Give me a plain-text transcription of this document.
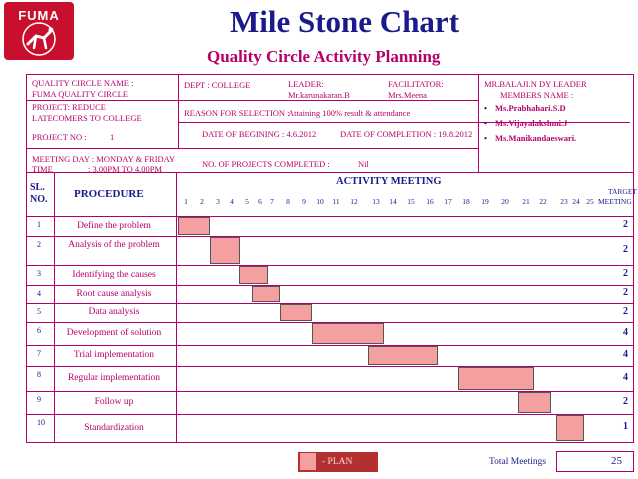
FUMA	Mile Stone Chart
Quality Circle Activity Planning
QUALITY CIRCLE NAME :
FUMA QUALITY CIRCLE
DEPT : COLLEGE	LEADER:
Mr.karunakaran.B
FACILITATOR:
Mrs.Meena
MR.BALAJI.N DY LEADER
MEMBERS NAME :
• Ms.Prabhahari.S.D
• Ms.Vijayalakshmi.J
• Ms.Manikandaeswari.
PROJECT: REDUCE
LATECOMERS TO COLLEGE	REASON FOR SELECTION :
Attaining 100% result & attendance
PROJECT NO :	1	DATE OF BEGINING : 4.6.2012	DATE OF COMPLETION : 19.8.2012
MEETING DAY : MONDAY & FRIDAY
TIME	: 3.00PM TO 4.00PM	NO. OF PROJECTS COMPLETED :	Nil
SL.
NO. PROCEDURE
ACTIVITY MEETING
TARGET
MEETING
1	2	3	4	5	6	7	8	9	10	11	12	13	14	15	16	17	18	19	20	21	22	23 24 25
1	Define the problem	2
2	Analysis of the problem	2
3	Identifying the causes	2
4	Root cause analysis	2
5	Data analysis	2
6	Development of solution	4
7	Trial implementation	4
8	Regular implementation	4
9	Follow up	2
10	Standardization	1
- PLAN	Total Meetings	25
